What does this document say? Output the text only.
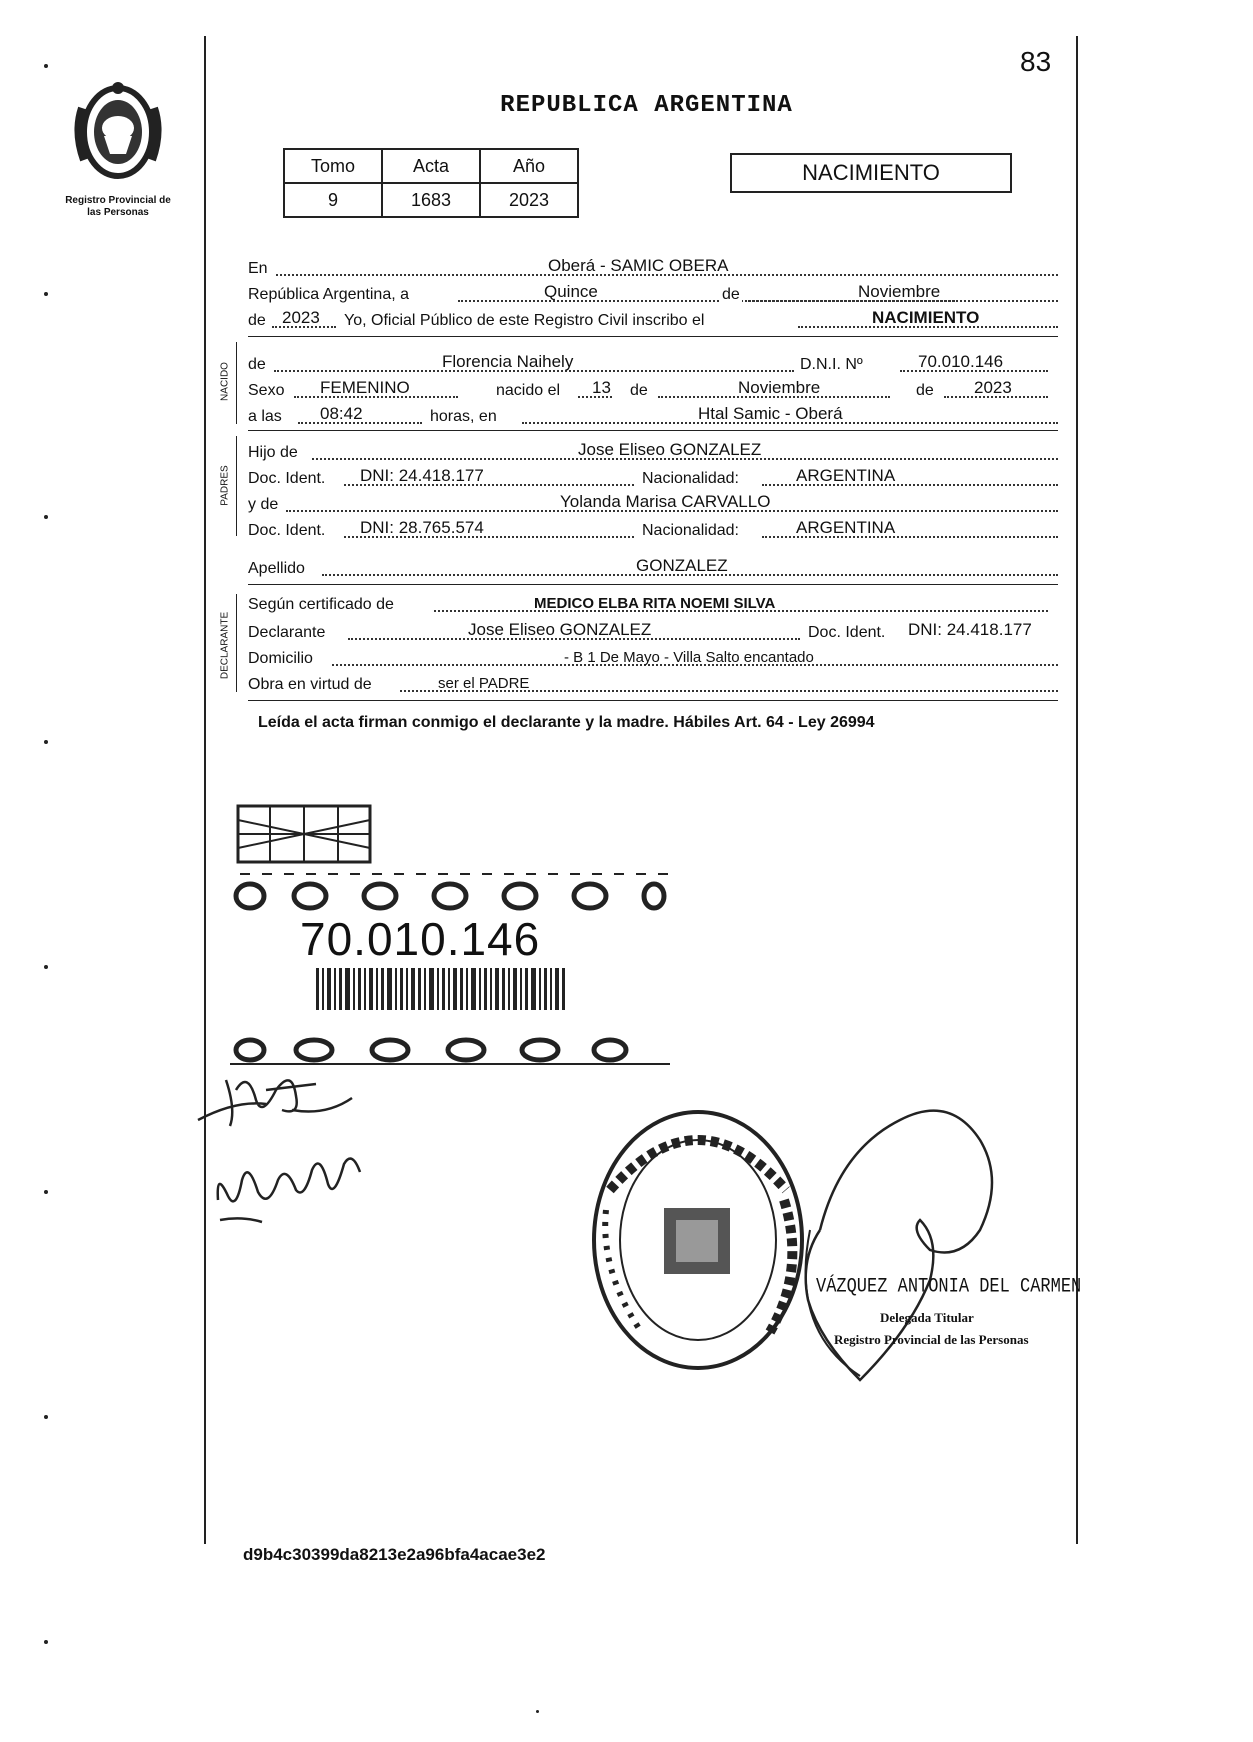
Registro Provincial de las Personas
83
REPUBLICA ARGENTINA
Tomo	Acta	Año
9	1683	2023
NACIMIENTO
En	Oberá - SAMIC OBERA
República Argentina, a	Quince	de	Noviembre
de 2023 Yo, Oficial Público de este Registro Civil inscribo el	NACIMIENTO
NACIDO de	Florencia Naihely	D.N.I. Nº	70.010.146
Sexo FEMENINO	nacido el 13 de	Noviembre	de 2023
a las 08:42	horas, en	Htal Samic - Oberá
PADRES
Hijo de	Jose Eliseo GONZALEZ
Doc. Ident. DNI: 24.418.177	Nacionalidad:	ARGENTINA
y de	Yolanda Marisa CARVALLO
Doc. Ident. DNI: 28.765.574	Nacionalidad:	ARGENTINA
Apellido	GONZALEZ
DECLARANTE
Según certificado de	MEDICO ELBA RITA NOEMI SILVA
Declarante	Jose Eliseo GONZALEZ	Doc. Ident. DNI: 24.418.177
Domicilio	- B 1 De Mayo - Villa Salto encantado
Obra en virtud de	ser el PADRE
Leída el acta firman conmigo el declarante y la madre. Hábiles Art. 64 - Ley 26994
70.010.146
VÁZQUEZ ANTONIA DEL CARMEN
Delegada Titular
Registro Provincial de las Personas
d9b4c30399da8213e2a96bfa4acae3e2
